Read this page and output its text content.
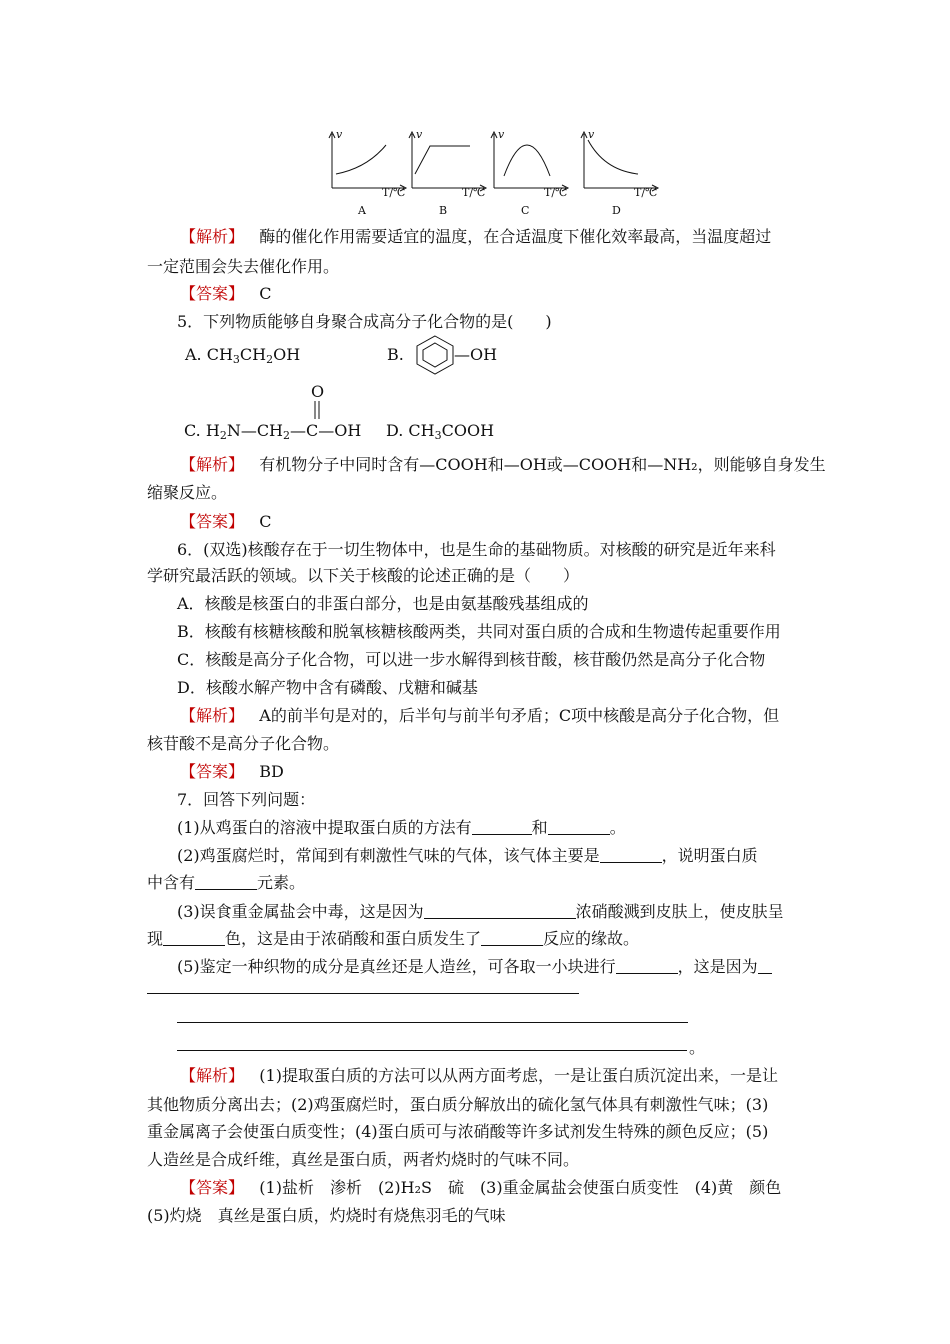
v	v	v	v
T/℃	T/℃	T/℃	T/℃
A	B	C	D
【解析】 酶的催化作用需要适宜的温度，在合适温度下催化效率最高，当温度超过
一定范围会失去催化作用。
【答案】 C
5．下列物质能够自身聚合成高分子化合物的是(　　)
A. $CH_3CH_2OH$	B.	—OH
O
C. $H_2N—CH_2—C—OH$ D. $CH_3COOH$
【解析】 有机物分子中同时含有—COOH和—OH或—COOH和—NH₂，则能够自身发生
缩聚反应。
【答案】 C
6．(双选)核酸存在于一切生物体中，也是生命的基础物质。对核酸的研究是近年来科
学研究最活跃的领域。以下关于核酸的论述正确的是（　　）
A．核酸是核蛋白的非蛋白部分，也是由氨基酸残基组成的
B．核酸有核糖核酸和脱氧核糖核酸两类，共同对蛋白质的合成和生物遗传起重要作用
C．核酸是高分子化合物，可以进一步水解得到核苷酸，核苷酸仍然是高分子化合物
D．核酸水解产物中含有磷酸、戊糖和碱基
【解析】 A的前半句是对的，后半句与前半句矛盾；C项中核酸是高分子化合物，但
核苷酸不是高分子化合物。
【答案】 BD
7．回答下列问题：
(1)从鸡蛋白的溶液中提取蛋白质的方法有	和	。
(2)鸡蛋腐烂时，常闻到有刺激性气味的气体，该气体主要是	，说明蛋白质
中含有	元素。
(3)误食重金属盐会中毒，这是因为	浓硝酸溅到皮肤上，使皮肤呈
现	色，这是由于浓硝酸和蛋白质发生了	反应的缘故。
(5)鉴定一种织物的成分是真丝还是人造丝，可各取一小块进行	，这是因为
。
【解析】 (1)提取蛋白质的方法可以从两方面考虑，一是让蛋白质沉淀出来，一是让
其他物质分离出去；(2)鸡蛋腐烂时，蛋白质分解放出的硫化氢气体具有刺激性气味；(3)
重金属离子会使蛋白质变性；(4)蛋白质可与浓硝酸等许多试剂发生特殊的颜色反应；(5)
人造丝是合成纤维，真丝是蛋白质，两者灼烧时的气味不同。
【答案】 (1)盐析　渗析　(2)H₂S　硫　(3)重金属盐会使蛋白质变性　(4)黄　颜色
(5)灼烧　真丝是蛋白质，灼烧时有烧焦羽毛的气味
